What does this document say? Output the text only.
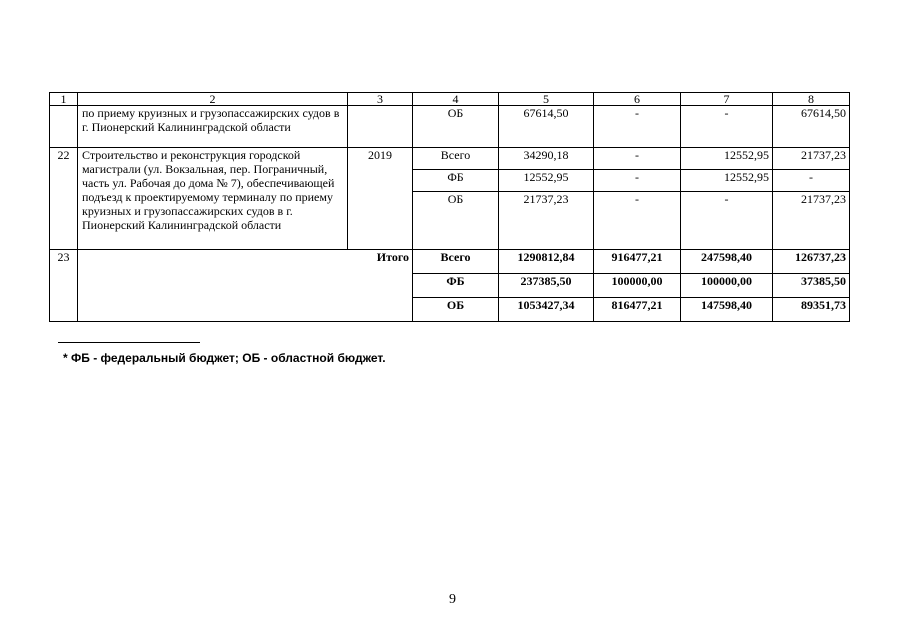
1	2	3	4	5	6	7	8
	по приему круизных и грузопассажирских судов в г. Пионерский Калининградской области		ОБ	67614,50	-	-	67614,50
22	Строительство и реконструкция городской магистрали (ул. Вокзальная, пер. Пограничный, часть ул. Рабочая до дома № 7), обеспечивающей подъезд к проектируемому терминалу по приему круизных и грузопассажирских судов в г. Пионерский Калининградской области	2019	Всего	34290,18	-	12552,95	21737,23
			ФБ	12552,95	-	12552,95	-
			ОБ	21737,23	-	-	21737,23
23		Итого	Всего	1290812,84	916477,21	247598,40	126737,23
			ФБ	237385,50	100000,00	100000,00	37385,50
			ОБ	1053427,34	816477,21	147598,40	89351,73
* ФБ - федеральный бюджет; ОБ - областной бюджет.
9
